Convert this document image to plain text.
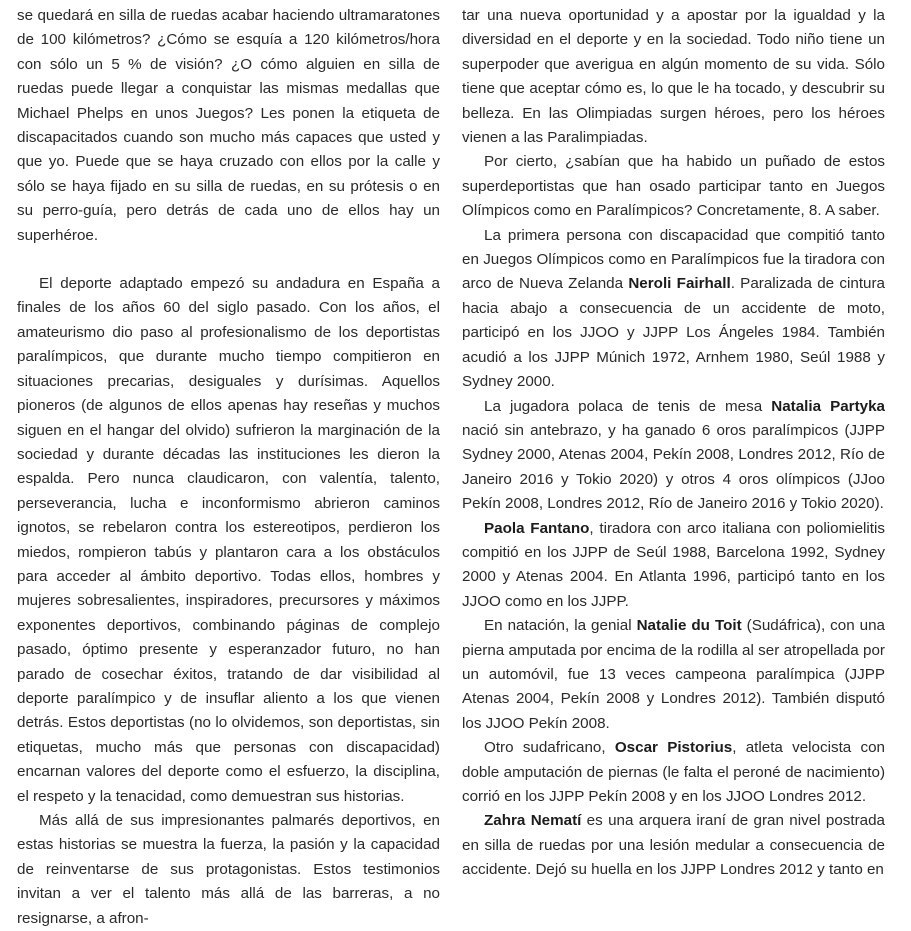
se quedará en silla de ruedas acabar haciendo ultramaratones de 100 kilómetros? ¿Cómo se esquía a 120 kilómetros/hora con sólo un 5 % de visión? ¿O cómo alguien en silla de ruedas puede llegar a conquistar las mismas medallas que Michael Phelps en unos Juegos? Les ponen la etiqueta de discapacitados cuando son mucho más capaces que usted y que yo. Puede que se haya cruzado con ellos por la calle y sólo se haya fijado en su silla de ruedas, en su prótesis o en su perro-guía, pero detrás de cada uno de ellos hay un superhéroe.

El deporte adaptado empezó su andadura en España a finales de los años 60 del siglo pasado. Con los años, el amateurismo dio paso al profesionalismo de los deportistas paralímpicos, que durante mucho tiempo compitieron en situaciones precarias, desiguales y durísimas. Aquellos pioneros (de algunos de ellos apenas hay reseñas y muchos siguen en el hangar del olvido) sufrieron la marginación de la sociedad y durante décadas las instituciones les dieron la espalda. Pero nunca claudicaron, con valentía, talento, perseverancia, lucha e inconformismo abrieron caminos ignotos, se rebelaron contra los estereotipos, perdieron los miedos, rompieron tabús y plantaron cara a los obstáculos para acceder al ámbito deportivo. Todas ellos, hombres y mujeres sobresalientes, inspiradores, precursores y máximos exponentes deportivos, combinando páginas de complejo pasado, óptimo presente y esperanzador futuro, no han parado de cosechar éxitos, tratando de dar visibilidad al deporte paralímpico y de insuflar aliento a los que vienen detrás. Estos deportistas (no lo olvidemos, son deportistas, sin etiquetas, mucho más que personas con discapacidad) encarnan valores del deporte como el esfuerzo, la disciplina, el respeto y la tenacidad, como demuestran sus historias.

Más allá de sus impresionantes palmarés deportivos, en estas historias se muestra la fuerza, la pasión y la capacidad de reinventarse de sus protagonistas. Estos testimonios invitan a ver el talento más allá de las barreras, a no resignarse, a afron-

tar una nueva oportunidad y a apostar por la igualdad y la diversidad en el deporte y en la sociedad. Todo niño tiene un superpoder que averigua en algún momento de su vida. Sólo tiene que aceptar cómo es, lo que le ha tocado, y descubrir su belleza. En las Olimpiadas surgen héroes, pero los héroes vienen a las Paralimpiadas.

Por cierto, ¿sabían que ha habido un puñado de estos superdeportistas que han osado participar tanto en Juegos Olímpicos como en Paralímpicos? Concretamente, 8. A saber.

La primera persona con discapacidad que compitió tanto en Juegos Olímpicos como en Paralímpicos fue la tiradora con arco de Nueva Zelanda Neroli Fairhall. Paralizada de cintura hacia abajo a consecuencia de un accidente de moto, participó en los JJOO y JJPP Los Ángeles 1984. También acudió a los JJPP Múnich 1972, Arnhem 1980, Seúl 1988 y Sydney 2000.

La jugadora polaca de tenis de mesa Natalia Partyka nació sin antebrazo, y ha ganado 6 oros paralímpicos (JJPP Sydney 2000, Atenas 2004, Pekín 2008, Londres 2012, Río de Janeiro 2016 y Tokio 2020) y otros 4 oros olímpicos (JJoo Pekín 2008, Londres 2012, Río de Janeiro 2016 y Tokio 2020).

Paola Fantano, tiradora con arco italiana con poliomielitis compitió en los JJPP de Seúl 1988, Barcelona 1992, Sydney 2000 y Atenas 2004. En Atlanta 1996, participó tanto en los JJOO como en los JJPP.

En natación, la genial Natalie du Toit (Sudáfrica), con una pierna amputada por encima de la rodilla al ser atropellada por un automóvil, fue 13 veces campeona paralímpica (JJPP Atenas 2004, Pekín 2008 y Londres 2012). También disputó los JJOO Pekín 2008.

Otro sudafricano, Oscar Pistorius, atleta velocista con doble amputación de piernas (le falta el peroné de nacimiento) corrió en los JJPP Pekín 2008 y en los JJOO Londres 2012.

Zahra Nematí es una arquera iraní de gran nivel postrada en silla de ruedas por una lesión medular a consecuencia de accidente. Dejó su huella en los JJPP Londres 2012 y tanto en
